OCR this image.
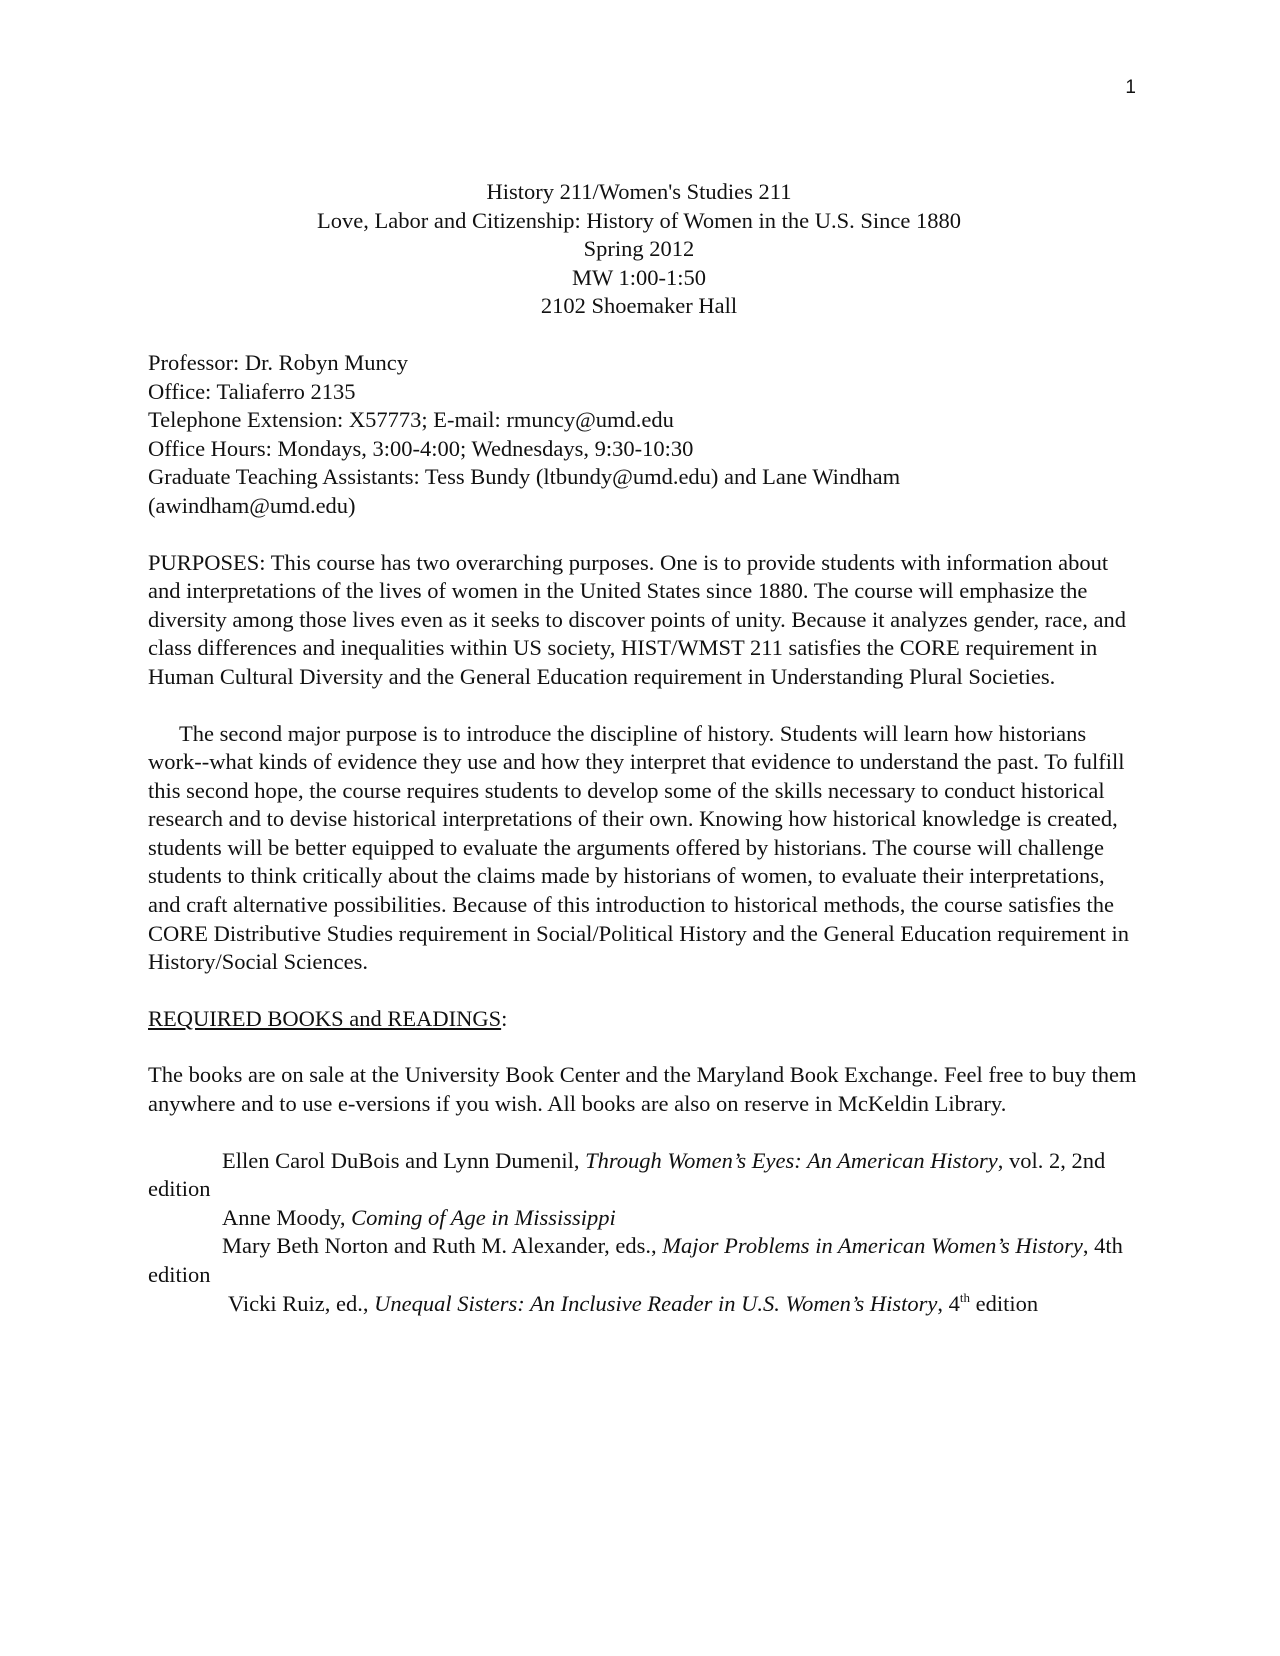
1
History 211/Women's Studies 211
Love, Labor and Citizenship: History of Women in the U.S. Since 1880
Spring 2012
MW 1:00-1:50
2102 Shoemaker Hall
Professor: Dr. Robyn Muncy
Office: Taliaferro 2135
Telephone Extension: X57773; E-mail: rmuncy@umd.edu
Office Hours: Mondays, 3:00-4:00; Wednesdays, 9:30-10:30
Graduate Teaching Assistants: Tess Bundy (ltbundy@umd.edu) and Lane Windham
(awindham@umd.edu)
PURPOSES: This course has two overarching purposes. One is to provide students with information about and interpretations of the lives of women in the United States since 1880. The course will emphasize the diversity among those lives even as it seeks to discover points of unity. Because it analyzes gender, race, and class differences and inequalities within US society, HIST/WMST 211 satisfies the CORE requirement in Human Cultural Diversity and the General Education requirement in Understanding Plural Societies.
The second major purpose is to introduce the discipline of history. Students will learn how historians work--what kinds of evidence they use and how they interpret that evidence to understand the past. To fulfill this second hope, the course requires students to develop some of the skills necessary to conduct historical research and to devise historical interpretations of their own. Knowing how historical knowledge is created, students will be better equipped to evaluate the arguments offered by historians. The course will challenge students to think critically about the claims made by historians of women, to evaluate their interpretations, and craft alternative possibilities. Because of this introduction to historical methods, the course satisfies the CORE Distributive Studies requirement in Social/Political History and the General Education requirement in History/Social Sciences.
REQUIRED BOOKS and READINGS:
The books are on sale at the University Book Center and the Maryland Book Exchange. Feel free to buy them anywhere and to use e-versions if you wish. All books are also on reserve in McKeldin Library.
Ellen Carol DuBois and Lynn Dumenil, Through Women’s Eyes: An American History, vol. 2, 2nd edition
Anne Moody, Coming of Age in Mississippi
Mary Beth Norton and Ruth M. Alexander, eds., Major Problems in American Women’s History, 4th edition
Vicki Ruiz, ed., Unequal Sisters: An Inclusive Reader in U.S. Women’s History, 4th edition
